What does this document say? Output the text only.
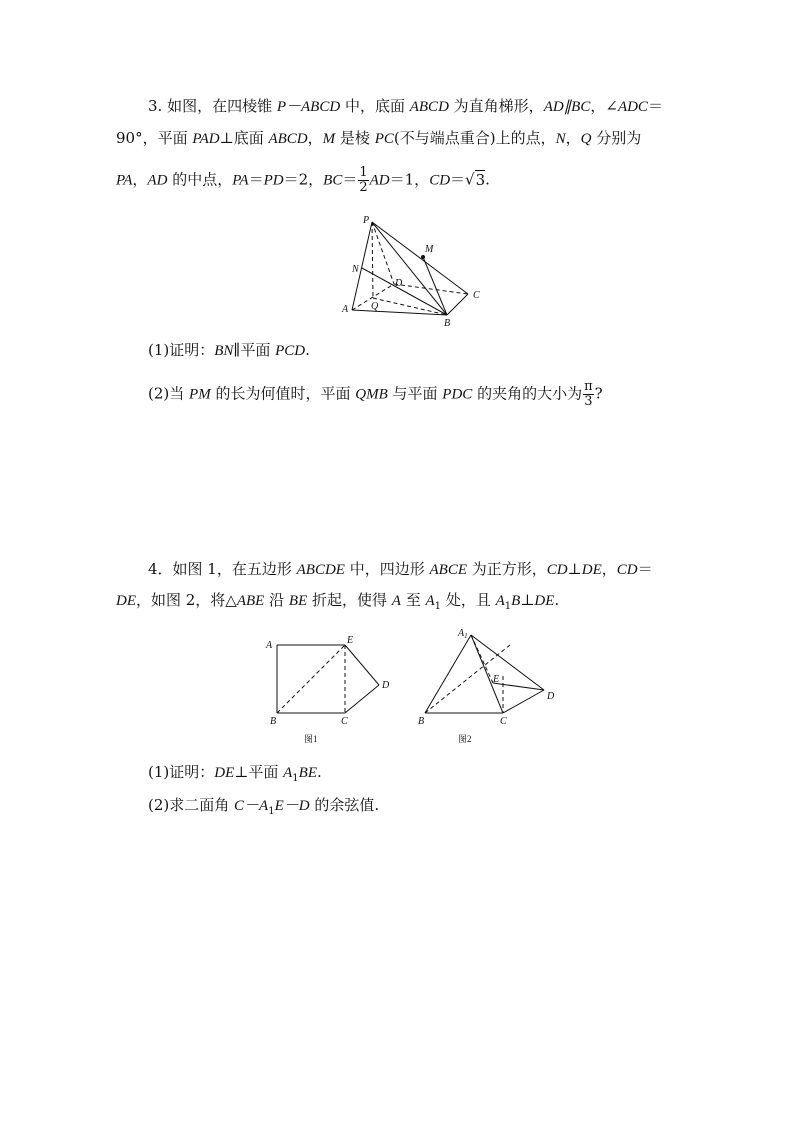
3. 如图，在四棱锥 P－ABCD 中，底面 ABCD 为直角梯形，AD∥BC，∠ADC＝
90°，平面 PAD⊥底面 ABCD，M 是棱 PC(不与端点重合)上的点，N，Q 分别为
PA，AD 的中点，PA＝PD＝2，$BC= \frac{1}{2} AD=1$，CD＝√3.
P
M
N
D
C
A Q
B
(1)证明：BN∥平面 PCD.
(2)当 PM 的长为何值时，平面 QMB 与平面 PDC 的夹角的大小为 $\frac{\pi}{3}$ ?
4．如图 1，在五边形 ABCDE 中，四边形 ABCE 为正方形，CD⊥DE，CD＝
DE，如图 2，将△ABE 沿 BE 折起，使得 A 至 $A_1$ 处，且 $A_1B\perp DE$.
A	E
D
B	C
图1
$A_1$
E
D
B	C
图2
(1)证明：DE⊥平面 $A_1BE$.
(2)求二面角 $C-A_1E-D$ 的余弦值.
